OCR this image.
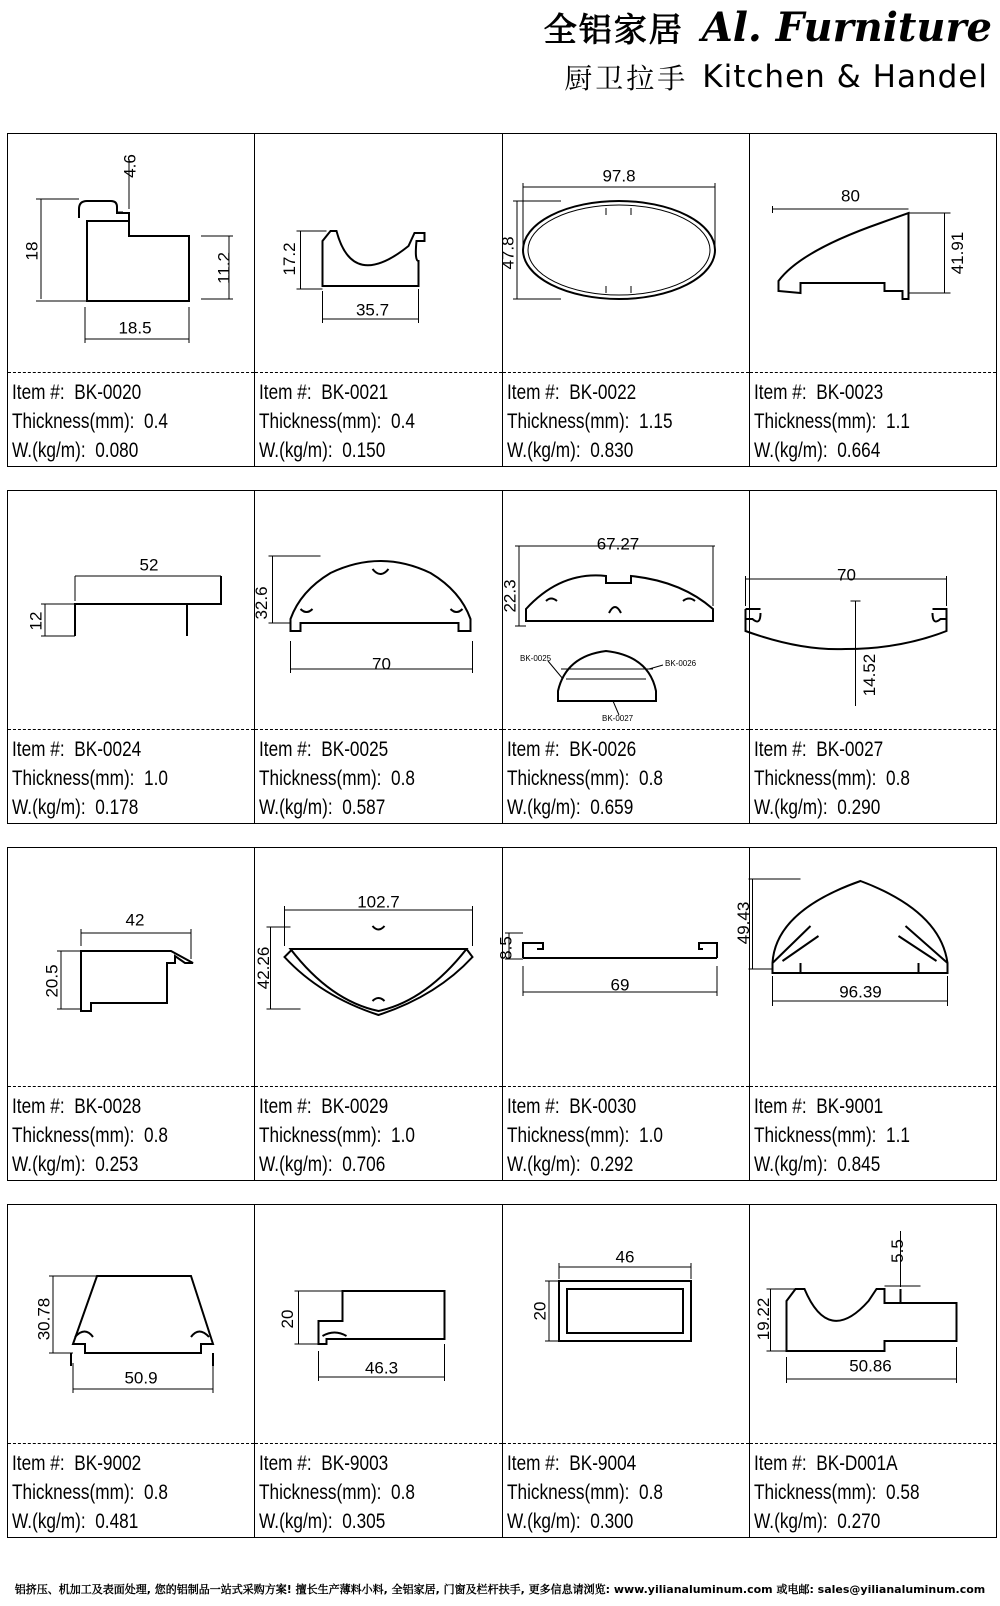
全铝家居 Al. Furniture
厨卫拉手 Kitchen & Handel
4.6
18
11.2
18.5
Item #: BK-0020
Thickness(mm): 0.4
W.(kg/m): 0.080
17.2
35.7
Item #: BK-0021
Thickness(mm): 0.4
W.(kg/m): 0.150
97.8
47.8
Item #: BK-0022
Thickness(mm): 1.15
W.(kg/m): 0.830
80
41.91
Item #: BK-0023
Thickness(mm): 1.1
W.(kg/m): 0.664
52
12
Item #: BK-0024
Thickness(mm): 1.0
W.(kg/m): 0.178
32.6
70
Item #: BK-0025
Thickness(mm): 0.8
W.(kg/m): 0.587
BK-0025
BK-0026
BK-0027
67.27
22.3
Item #: BK-0026
Thickness(mm): 0.8
W.(kg/m): 0.659
70
14.52
Item #: BK-0027
Thickness(mm): 0.8
W.(kg/m): 0.290
42
20.5
Item #: BK-0028
Thickness(mm): 0.8
W.(kg/m): 0.253
102.7
42.26
Item #: BK-0029
Thickness(mm): 1.0
W.(kg/m): 0.706
8.5
69
Item #: BK-0030
Thickness(mm): 1.0
W.(kg/m): 0.292
96.39
49.43
Item #: BK-9001
Thickness(mm): 1.1
W.(kg/m): 0.845
30.78
50.9
Item #: BK-9002
Thickness(mm): 0.8
W.(kg/m): 0.481
20
46.3
Item #: BK-9003
Thickness(mm): 0.8
W.(kg/m): 0.305
46
20
Item #: BK-9004
Thickness(mm): 0.8
W.(kg/m): 0.300
5.5
19.22
50.86
Item #: BK-D001A
Thickness(mm): 0.58
W.(kg/m): 0.270
铝挤压、机加工及表面处理, 您的铝制品一站式采购方案! 擅长生产薄料小料, 全铝家居, 门窗及栏杆扶手, 更多信息请浏览: www.yilianaluminum.com 或电邮: sales@yilianaluminum.com
